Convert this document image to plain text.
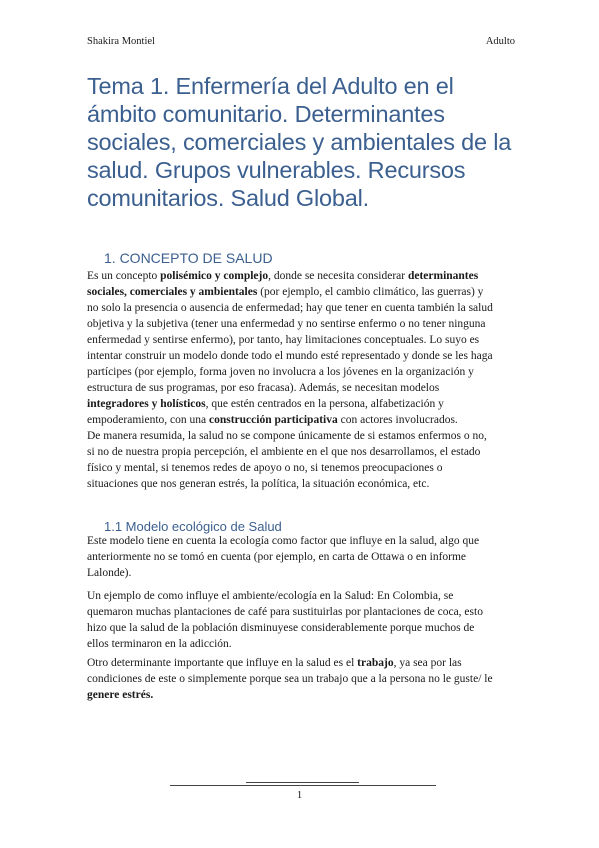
Shakira Montiel	Adulto
Tema 1. Enfermería del Adulto en el ámbito comunitario. Determinantes sociales, comerciales y ambientales de la salud. Grupos vulnerables. Recursos comunitarios. Salud Global.
1. CONCEPTO DE SALUD

Es un concepto polisémico y complejo, donde se necesita considerar determinantes
sociales, comerciales y ambientales (por ejemplo, el cambio climático, las guerras) y
no solo la presencia o ausencia de enfermedad; hay que tener en cuenta también la salud
objetiva y la subjetiva (tener una enfermedad y no sentirse enfermo o no tener ninguna
enfermedad y sentirse enfermo), por tanto, hay limitaciones conceptuales. Lo suyo es
intentar construir un modelo donde todo el mundo esté representado y donde se les haga
partícipes (por ejemplo, forma joven no involucra a los jóvenes en la organización y
estructura de sus programas, por eso fracasa). Además, se necesitan modelos
integradores y holísticos, que estén centrados en la persona, alfabetización y
empoderamiento, con una construcción participativa con actores involucrados.

De manera resumida, la salud no se compone únicamente de si estamos enfermos o no,
si no de nuestra propia percepción, el ambiente en el que nos desarrollamos, el estado
físico y mental, si tenemos redes de apoyo o no, si tenemos preocupaciones o
situaciones que nos generan estrés, la política, la situación económica, etc.

1.1 Modelo ecológico de Salud

Este modelo tiene en cuenta la ecología como factor que influye en la salud, algo que
anteriormente no se tomó en cuenta (por ejemplo, en carta de Ottawa o en informe
Lalonde).

Un ejemplo de como influye el ambiente/ecología en la Salud: En Colombia, se
quemaron muchas plantaciones de café para sustituirlas por plantaciones de coca, esto
hizo que la salud de la población disminuyese considerablemente porque muchos de
ellos terminaron en la adicción.

Otro determinante importante que influye en la salud es el trabajo, ya sea por las
condiciones de este o simplemente porque sea un trabajo que a la persona no le guste/ le
genere estrés.

1
